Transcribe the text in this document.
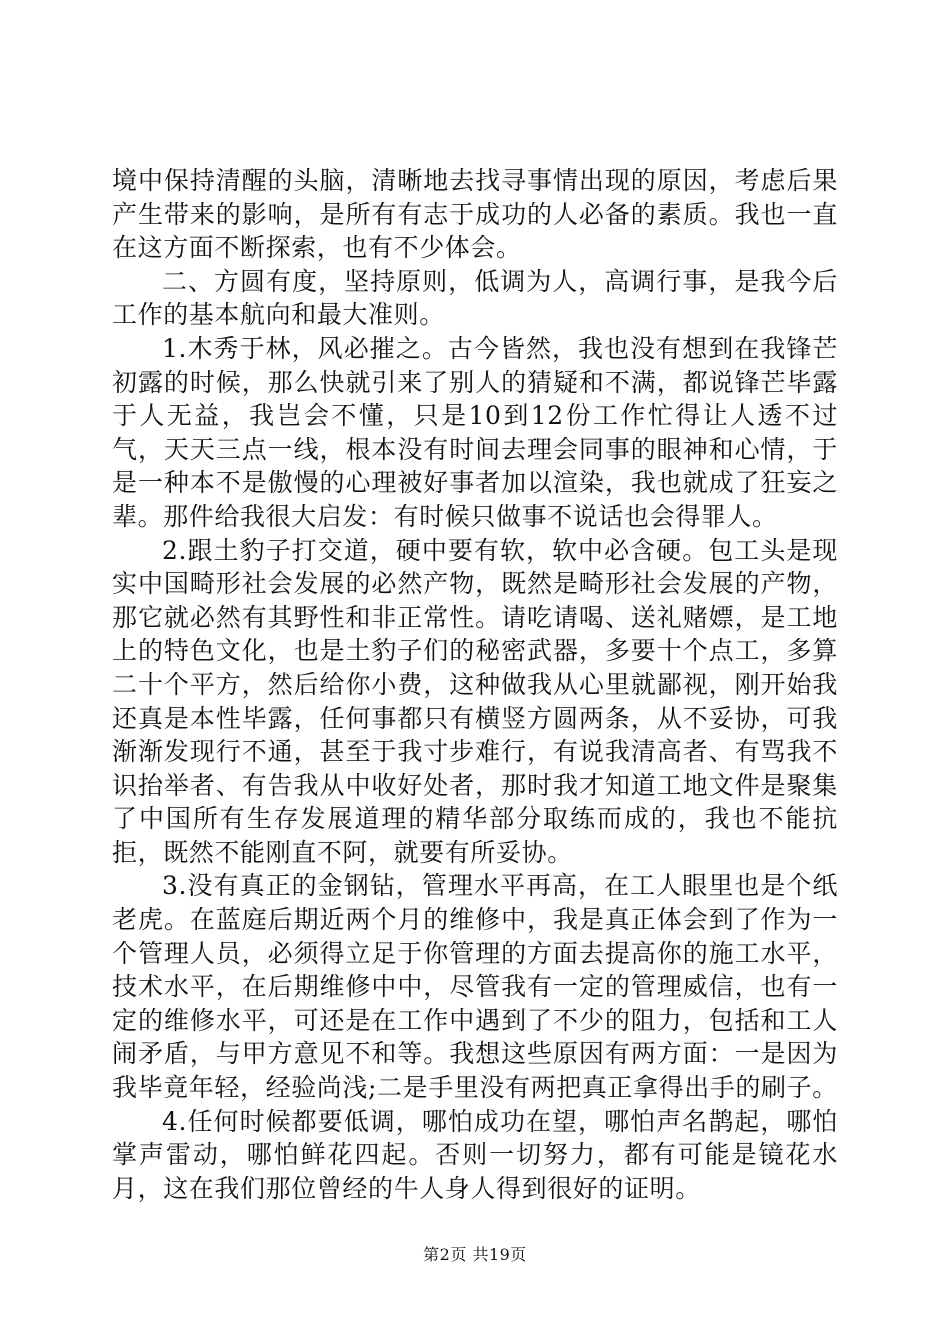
境中保持清醒的头脑，清晰地去找寻事情出现的原因，考虑后果产生带来的影响，是所有有志于成功的人必备的素质。我也一直在这方面不断探索，也有不少体会。

二、方圆有度，坚持原则，低调为人，高调行事，是我今后工作的基本航向和最大准则。

1.木秀于林，风必摧之。古今皆然，我也没有想到在我锋芒初露的时候，那么快就引来了别人的猜疑和不满，都说锋芒毕露于人无益，我岂会不懂，只是10到12份工作忙得让人透不过气，天天三点一线，根本没有时间去理会同事的眼神和心情，于是一种本不是傲慢的心理被好事者加以渲染，我也就成了狂妄之辈。那件给我很大启发：有时候只做事不说话也会得罪人。

2.跟土豹子打交道，硬中要有软，软中必含硬。包工头是现实中国畸形社会发展的必然产物，既然是畸形社会发展的产物，那它就必然有其野性和非正常性。请吃请喝、送礼赌嫖，是工地上的特色文化，也是土豹子们的秘密武器，多要十个点工，多算二十个平方，然后给你小费，这种做我从心里就鄙视，刚开始我还真是本性毕露，任何事都只有横竖方圆两条，从不妥协，可我渐渐发现行不通，甚至于我寸步难行，有说我清高者、有骂我不识抬举者、有告我从中收好处者，那时我才知道工地文件是聚集了中国所有生存发展道理的精华部分取练而成的，我也不能抗拒，既然不能刚直不阿，就要有所妥协。

3.没有真正的金钢钻，管理水平再高，在工人眼里也是个纸老虎。在蓝庭后期近两个月的维修中，我是真正体会到了作为一个管理人员，必须得立足于你管理的方面去提高你的施工水平，技术水平，在后期维修中中，尽管我有一定的管理威信，也有一定的维修水平，可还是在工作中遇到了不少的阻力，包括和工人闹矛盾，与甲方意见不和等。我想这些原因有两方面：一是因为我毕竟年轻，经验尚浅;二是手里没有两把真正拿得出手的刷子。

4.任何时候都要低调，哪怕成功在望，哪怕声名鹊起，哪怕掌声雷动，哪怕鲜花四起。否则一切努力，都有可能是镜花水月，这在我们那位曾经的牛人身人得到很好的证明。

第2页 共19页
